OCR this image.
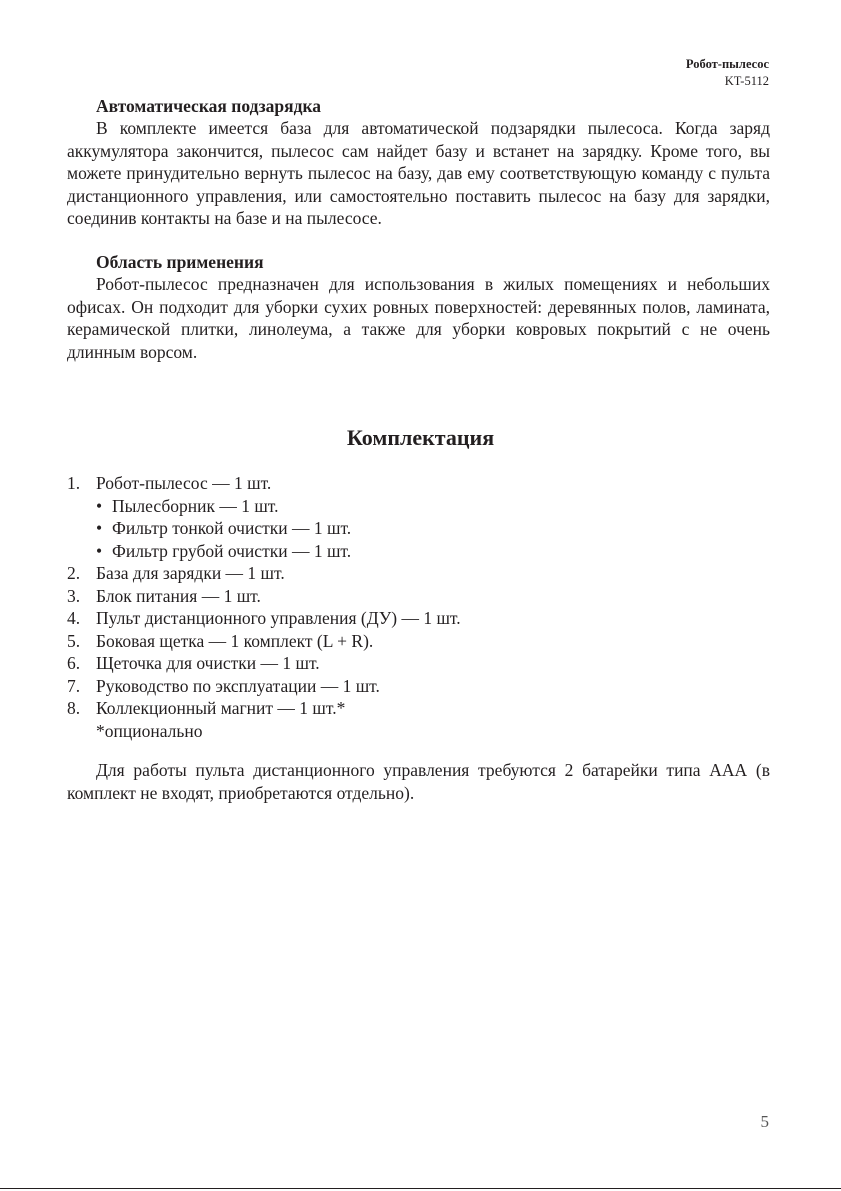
Робот-пылесос
KT-5112
Автоматическая подзарядка

В комплекте имеется база для автоматической подзарядки пылесоса. Когда заряд аккумулятора закончится, пылесос сам найдет базу и встанет на зарядку. Кроме того, вы можете принудительно вернуть пылесос на базу, дав ему соответствующую команду с пульта дистанционного управления, или самостоятельно поставить пылесос на базу для зарядки, соединив контакты на базе и на пылесосе.

Область применения

Робот-пылесос предназначен для использования в жилых помещениях и небольших офисах. Он подходит для уборки сухих ровных поверхностей: деревянных полов, ламината, керамической плитки, линолеума, а также для уборки ковровых покрытий с не очень длинным ворсом.

Комплектация
1. Робот-пылесос — 1 шт.
• Пылесборник — 1 шт.
• Фильтр тонкой очистки — 1 шт.
• Фильтр грубой очистки — 1 шт.
2. База для зарядки — 1 шт.
3. Блок питания — 1 шт.
4. Пульт дистанционного управления (ДУ) — 1 шт.
5. Боковая щетка — 1 комплект (L + R).
6. Щеточка для очистки — 1 шт.
7. Руководство по эксплуатации — 1 шт.
8. Коллекционный магнит — 1 шт.*
*опционально

Для работы пульта дистанционного управления требуются 2 батарейки типа ААА (в комплект не входят, приобретаются отдельно).

5
